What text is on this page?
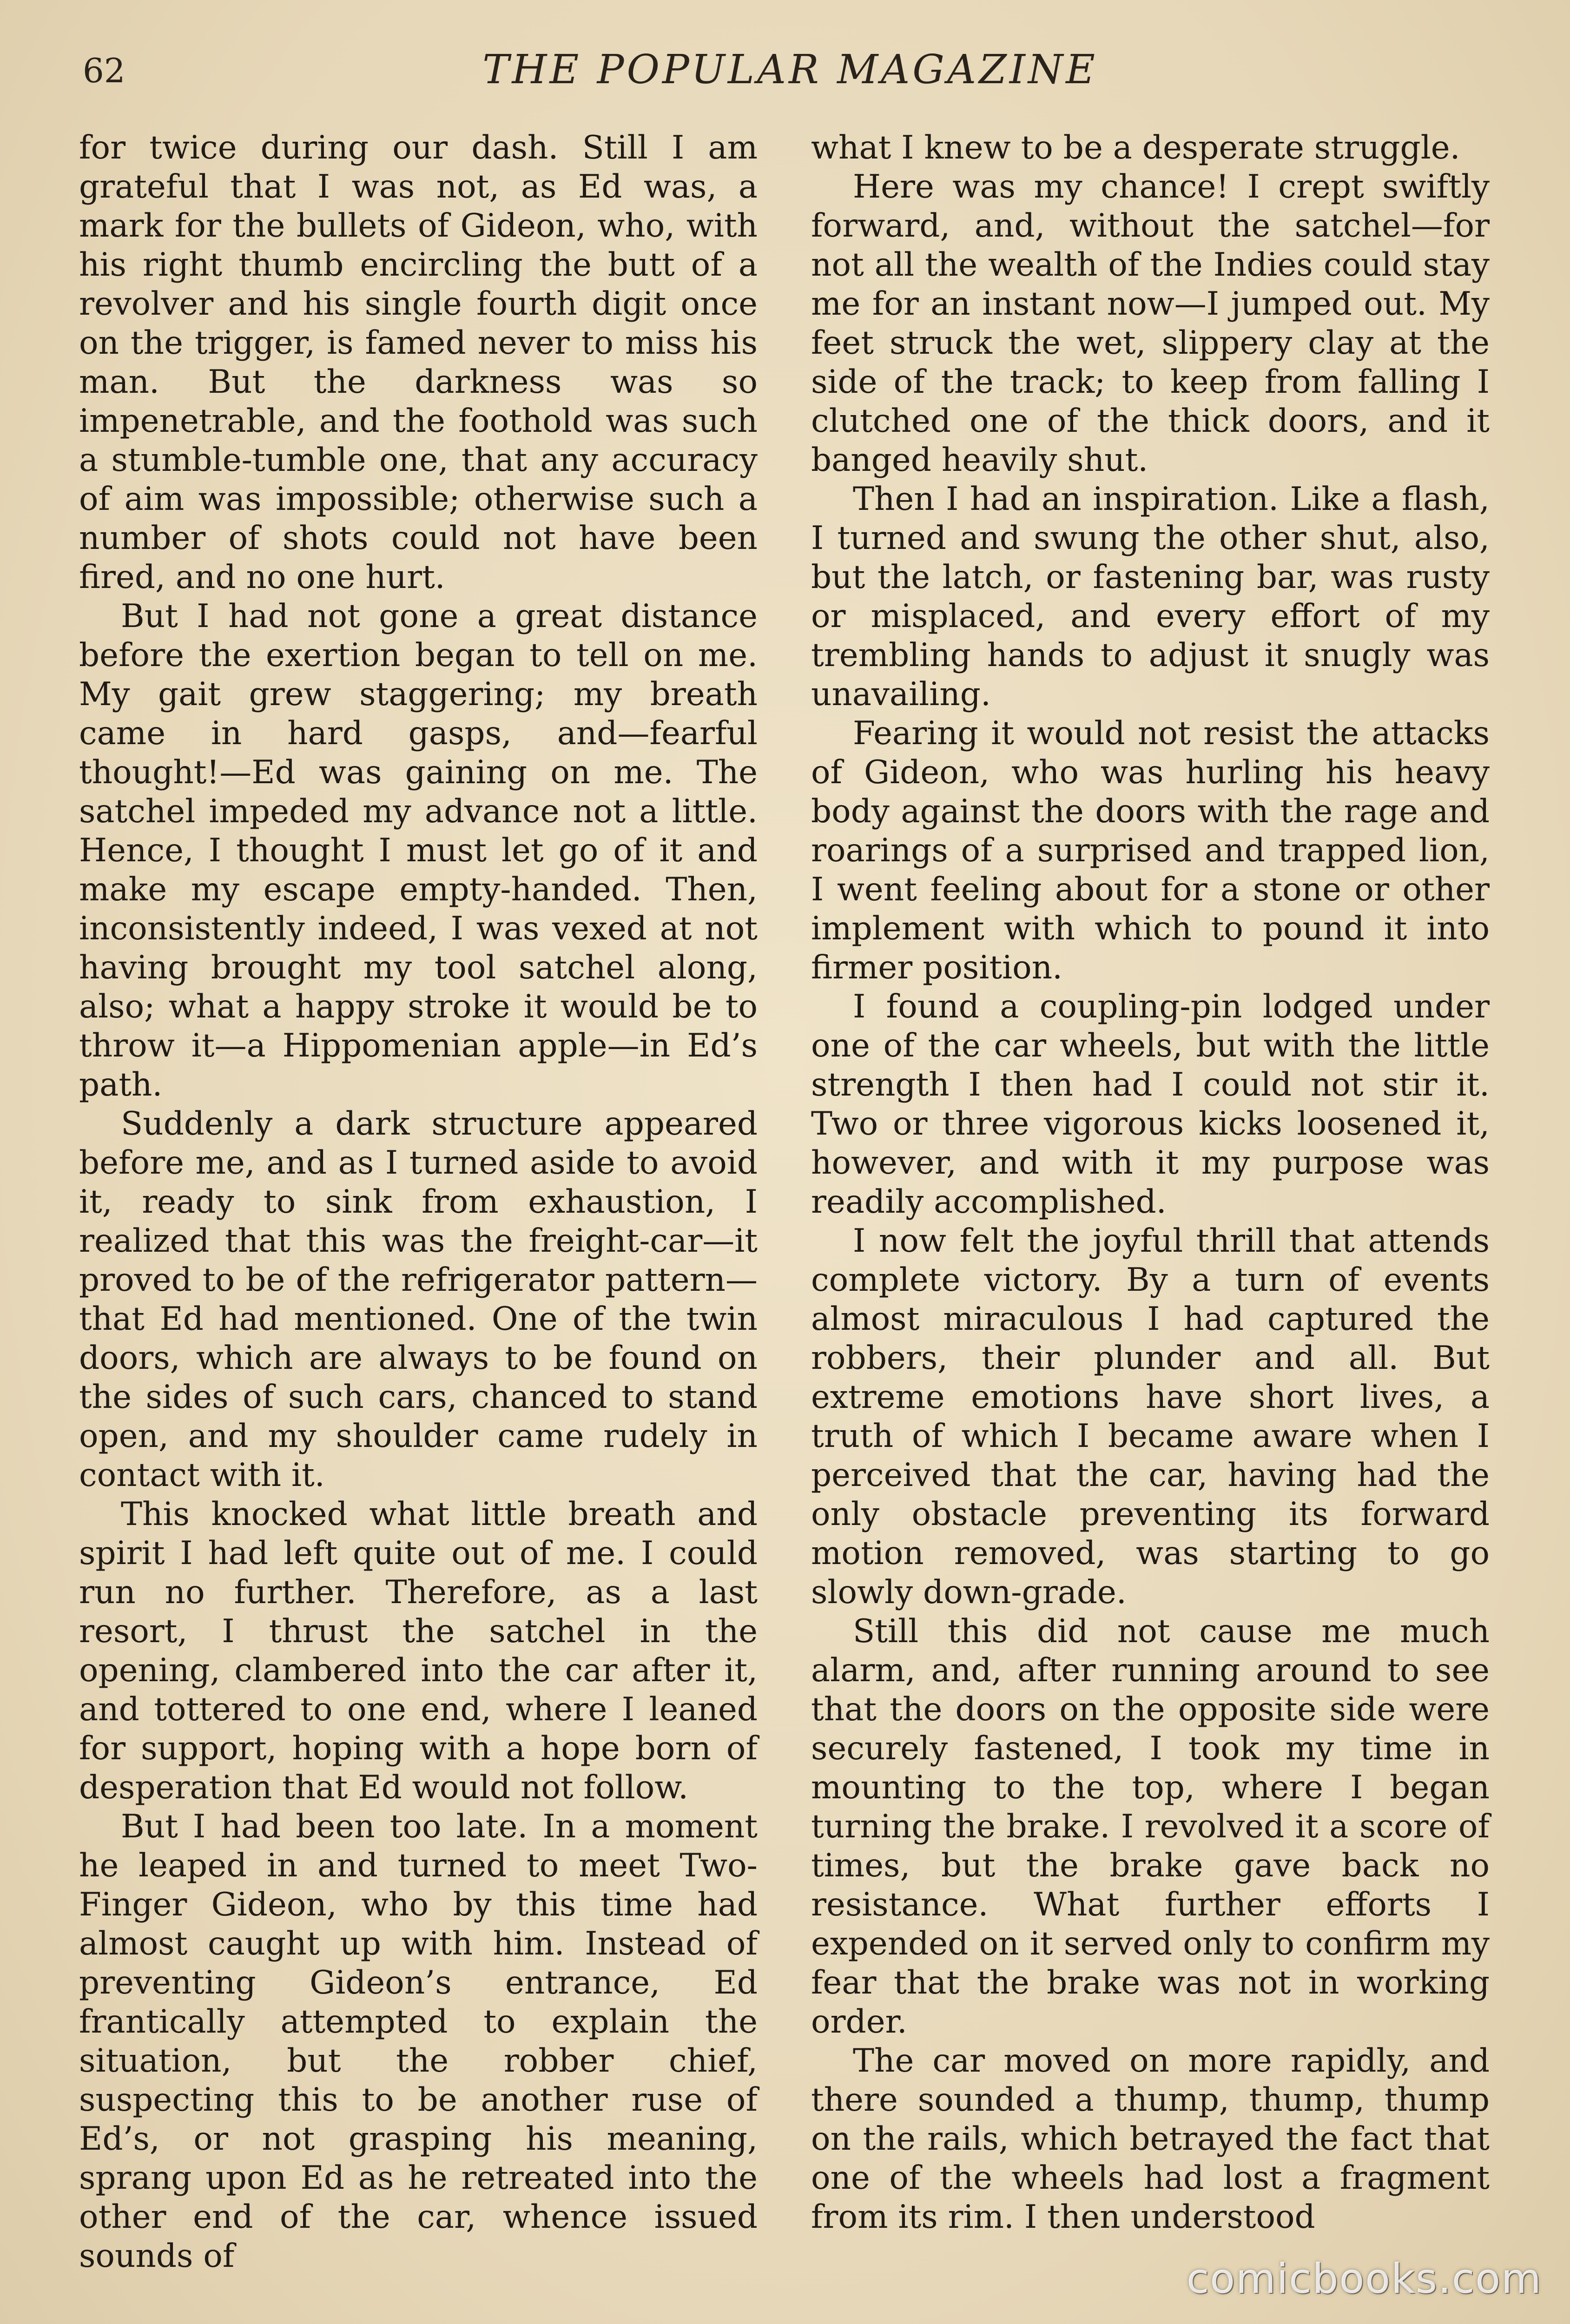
62	THE POPULAR MAGAZINE

for twice during our dash. Still I am grateful that I was not, as Ed was, a mark for the bullets of Gideon, who, with his right thumb encircling the butt of a revolver and his single fourth digit once on the trigger, is famed never to miss his man. But the darkness was so impenetrable, and the foothold was such a stumble-tumble one, that any accuracy of aim was impossible; otherwise such a number of shots could not have been fired, and no one hurt.

But I had not gone a great distance before the exertion began to tell on me. My gait grew staggering; my breath came in hard gasps, and—fearful thought!—Ed was gaining on me. The satchel impeded my advance not a little. Hence, I thought I must let go of it and make my escape empty-handed. Then, inconsistently indeed, I was vexed at not having brought my tool satchel along, also; what a happy stroke it would be to throw it—a Hippomenian apple—in Ed’s path.

Suddenly a dark structure appeared before me, and as I turned aside to avoid it, ready to sink from exhaustion, I realized that this was the freight-car—it proved to be of the refrigerator pattern—that Ed had mentioned. One of the twin doors, which are always to be found on the sides of such cars, chanced to stand open, and my shoulder came rudely in contact with it.

This knocked what little breath and spirit I had left quite out of me. I could run no further. Therefore, as a last resort, I thrust the satchel in the opening, clambered into the car after it, and tottered to one end, where I leaned for support, hoping with a hope born of desperation that Ed would not follow.

But I had been too late. In a moment he leaped in and turned to meet Two-Finger Gideon, who by this time had almost caught up with him. Instead of preventing Gideon’s entrance, Ed frantically attempted to explain the situation, but the robber chief, suspecting this to be another ruse of Ed’s, or not grasping his meaning, sprang upon Ed as he retreated into the other end of the car, whence issued sounds of

what I knew to be a desperate struggle.

Here was my chance! I crept swiftly forward, and, without the satchel—for not all the wealth of the Indies could stay me for an instant now—I jumped out. My feet struck the wet, slippery clay at the side of the track; to keep from falling I clutched one of the thick doors, and it banged heavily shut.

Then I had an inspiration. Like a flash, I turned and swung the other shut, also, but the latch, or fastening bar, was rusty or misplaced, and every effort of my trembling hands to adjust it snugly was unavailing.

Fearing it would not resist the attacks of Gideon, who was hurling his heavy body against the doors with the rage and roarings of a surprised and trapped lion, I went feeling about for a stone or other implement with which to pound it into firmer position.

I found a coupling-pin lodged under one of the car wheels, but with the little strength I then had I could not stir it. Two or three vigorous kicks loosened it, however, and with it my purpose was readily accomplished.

I now felt the joyful thrill that attends complete victory. By a turn of events almost miraculous I had captured the robbers, their plunder and all. But extreme emotions have short lives, a truth of which I became aware when I perceived that the car, having had the only obstacle preventing its forward motion removed, was starting to go slowly down-grade.

Still this did not cause me much alarm, and, after running around to see that the doors on the opposite side were securely fastened, I took my time in mounting to the top, where I began turning the brake. I revolved it a score of times, but the brake gave back no resistance. What further efforts I expended on it served only to confirm my fear that the brake was not in working order.

The car moved on more rapidly, and there sounded a thump, thump, thump on the rails, which betrayed the fact that one of the wheels had lost a fragment from its rim. I then understood

comicbooks.com
